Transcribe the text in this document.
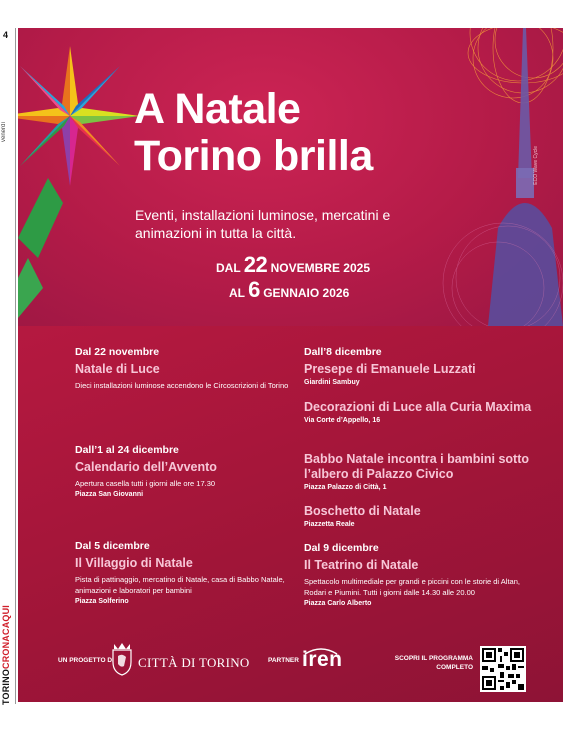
4
venerdì
TORINO
CRONACAQUI
A Natale
Torino brilla
Eventi, installazioni luminose, mercatini e animazioni in tutta la città.
DAL 22 NOVEMBRE 2025
AL 6 GENNAIO 2026
ECO Wave Cycle
Dal 22 novembre
Natale di Luce
Dieci installazioni luminose accendono le Circoscrizioni di Torino
Dall’1 al 24 dicembre
Calendario dell’Avvento
Apertura casella tutti i giorni alle ore 17.30
Piazza San Giovanni
Dal 5 dicembre
Il Villaggio di Natale
Pista di pattinaggio, mercatino di Natale, casa di Babbo Natale, animazioni e laboratori per bambini
Piazza Solferino
Dall’8 dicembre
Presepe di Emanuele Luzzati
Giardini Sambuy
Decorazioni di Luce alla Curia Maxima
Via Corte d’Appello, 16
Babbo Natale incontra i bambini sotto l’albero di Palazzo Civico
Piazza Palazzo di Città, 1
Boschetto di Natale
Piazzetta Reale
Dal 9 dicembre
Il Teatrino di Natale
Spettacolo multimediale per grandi e piccini con le storie di Altan, Rodari e Piumini. Tutti i giorni dalle 14.30 alle 20.00
Piazza Carlo Alberto
UN PROGETTO DI CITTÀ DI TORINO	PARTNER iren	SCOPRI IL PROGRAMMA COMPLETO
